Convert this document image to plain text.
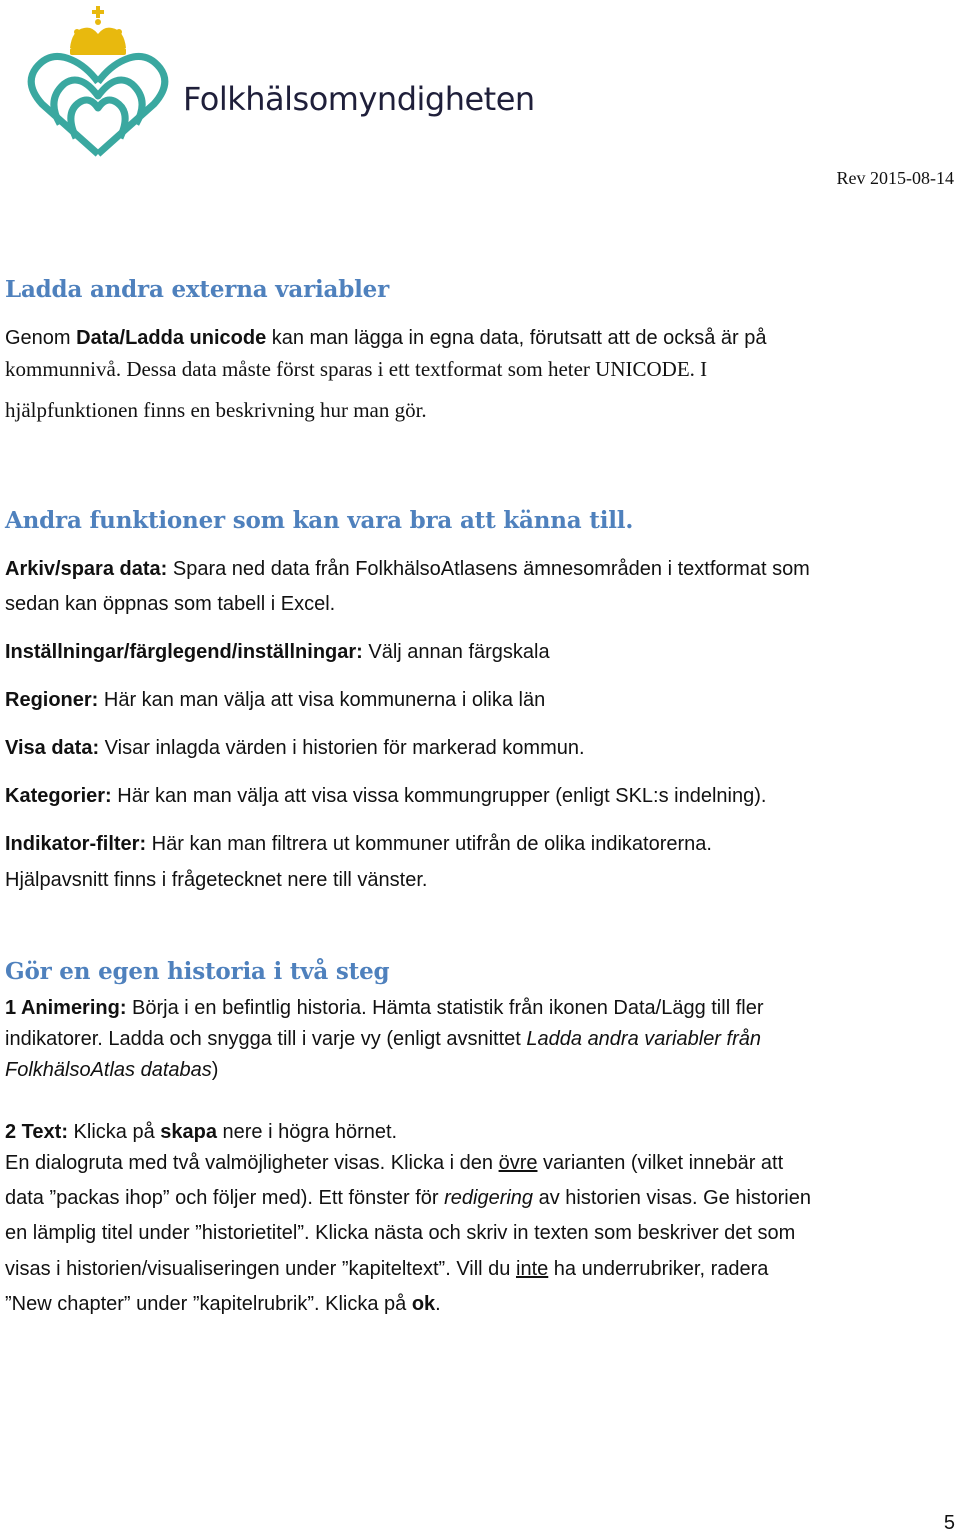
Folkhälsomyndigheten
Rev 2015-08-14
Ladda andra externa variabler
Genom Data/Ladda unicode kan man lägga in egna data, förutsatt att de också är på
kommunnivå. Dessa data måste först sparas i ett textformat som heter UNICODE. I
hjälpfunktionen finns en beskrivning hur man gör.
Andra funktioner som kan vara bra att känna till.
Arkiv/spara data: Spara ned data från FolkhälsoAtlasens ämnesområden i textformat som
sedan kan öppnas som tabell i Excel.
Inställningar/färglegend/inställningar: Välj annan färgskala
Regioner: Här kan man välja att visa kommunerna i olika län
Visa data: Visar inlagda värden i historien för markerad kommun.
Kategorier: Här kan man välja att visa vissa kommungrupper (enligt SKL:s indelning).
Indikator-filter: Här kan man filtrera ut kommuner utifrån de olika indikatorerna.
Hjälpavsnitt finns i frågetecknet nere till vänster.
Gör en egen historia i två steg
1 Animering: Börja i en befintlig historia. Hämta statistik från ikonen Data/Lägg till fler
indikatorer. Ladda och snygga till i varje vy (enligt avsnittet Ladda andra variabler från
FolkhälsoAtlas databas)
2 Text: Klicka på skapa nere i högra hörnet.
En dialogruta med två valmöjligheter visas. Klicka i den övre varianten (vilket innebär att
data ”packas ihop” och följer med). Ett fönster för redigering av historien visas. Ge historien
en lämplig titel under ”historietitel”. Klicka nästa och skriv in texten som beskriver det som
visas i historien/visualiseringen under ”kapiteltext”. Vill du inte ha underrubriker, radera
”New chapter” under ”kapitelrubrik”. Klicka på ok.
5
